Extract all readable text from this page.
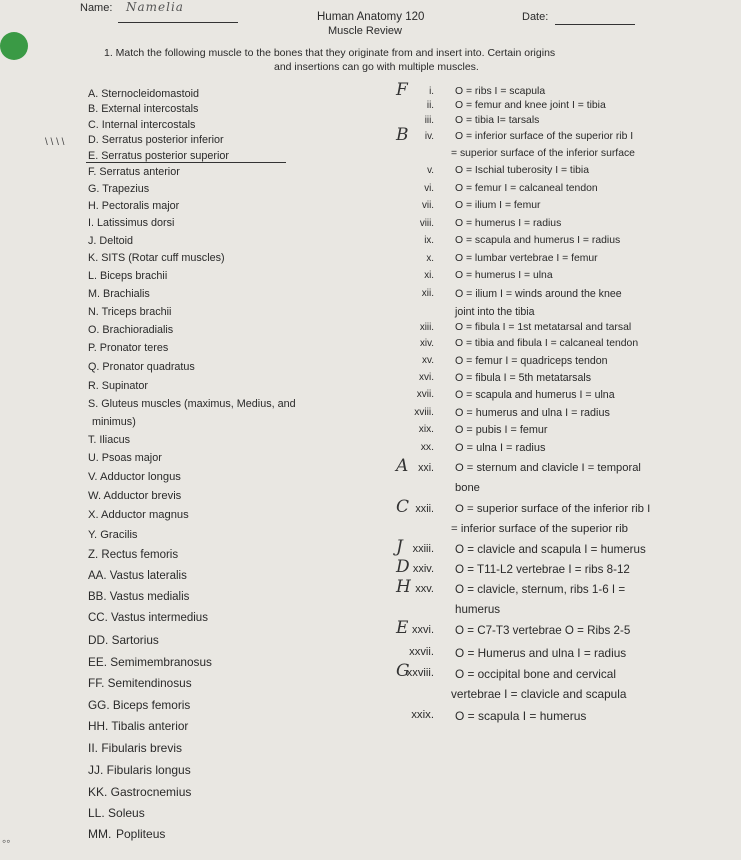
Name: Namelia
Human Anatomy 120
Muscle Review
Date:
1. Match the following muscle to the bones that they originate from and insert into. Certain origins
and insertions can go with multiple muscles.
A. Sternocleidomastoid
B. External intercostals
C. Internal intercostals
D. Serratus posterior inferior
E. Serratus posterior superior
F. Serratus anterior
G. Trapezius
H. Pectoralis major
I. Latissimus dorsi
J. Deltoid
K. SITS (Rotar cuff muscles)
L. Biceps brachii
M. Brachialis
N. Triceps brachii
O. Brachioradialis
P. Pronator teres
Q. Pronator quadratus
R. Supinator
S. Gluteus muscles (maximus, Medius, and
minimus)
T. Iliacus
U. Psoas major
V. Adductor longus
W. Adductor brevis
X. Adductor magnus
Y. Gracilis
Z. Rectus femoris
AA. Vastus lateralis
BB. Vastus medialis
CC. Vastus intermedius
DD. Sartorius
EE. Semimembranosus
FF. Semitendinosus
GG. Biceps femoris
HH. Tibalis anterior
II. Fibularis brevis
JJ. Fibularis longus
KK. Gastrocnemius
LL. Soleus
MM. Popliteus
i. O = ribs I = scapula
F
ii. O = femur and knee joint I = tibia
iii. O = tibia I= tarsals
iv. O = inferior surface of the superior rib I
B
= superior surface of the inferior surface
v. O = Ischial tuberosity I = tibia
vi. O = femur I = calcaneal tendon
vii. O = ilium I = femur
viii. O = humerus I = radius
ix. O = scapula and humerus I = radius
x. O = lumbar vertebrae I = femur
xi. O = humerus I = ulna
xii. O = ilium I = winds around the knee
joint into the tibia
xiii. O = fibula I = 1st metatarsal and tarsal
xiv. O = tibia and fibula I = calcaneal tendon
xv. O = femur I = quadriceps tendon
xvi. O = fibula I = 5th metatarsals
xvii. O = scapula and humerus I = ulna
xviii. O = humerus and ulna I = radius
xix. O = pubis I = femur
xx. O = ulna I = radius
xxi. O = sternum and clavicle I = temporal
A
bone
xxii. O = superior surface of the inferior rib I
C
= inferior surface of the superior rib
xxiii. O = clavicle and scapula I = humerus
J
xxiv. O = T11-L2 vertebrae I = ribs 8-12
D
xxv. O = clavicle, sternum, ribs 1-6 I =
H
humerus
xxvi. O = C7-T3 vertebrae O = Ribs 2-5
E
xxvii. O = Humerus and ulna I = radius
xxviii. O = occipital bone and cervical
G
vertebrae I = clavicle and scapula
xxix. O = scapula I = humerus
\ \ \ \
◦◦
